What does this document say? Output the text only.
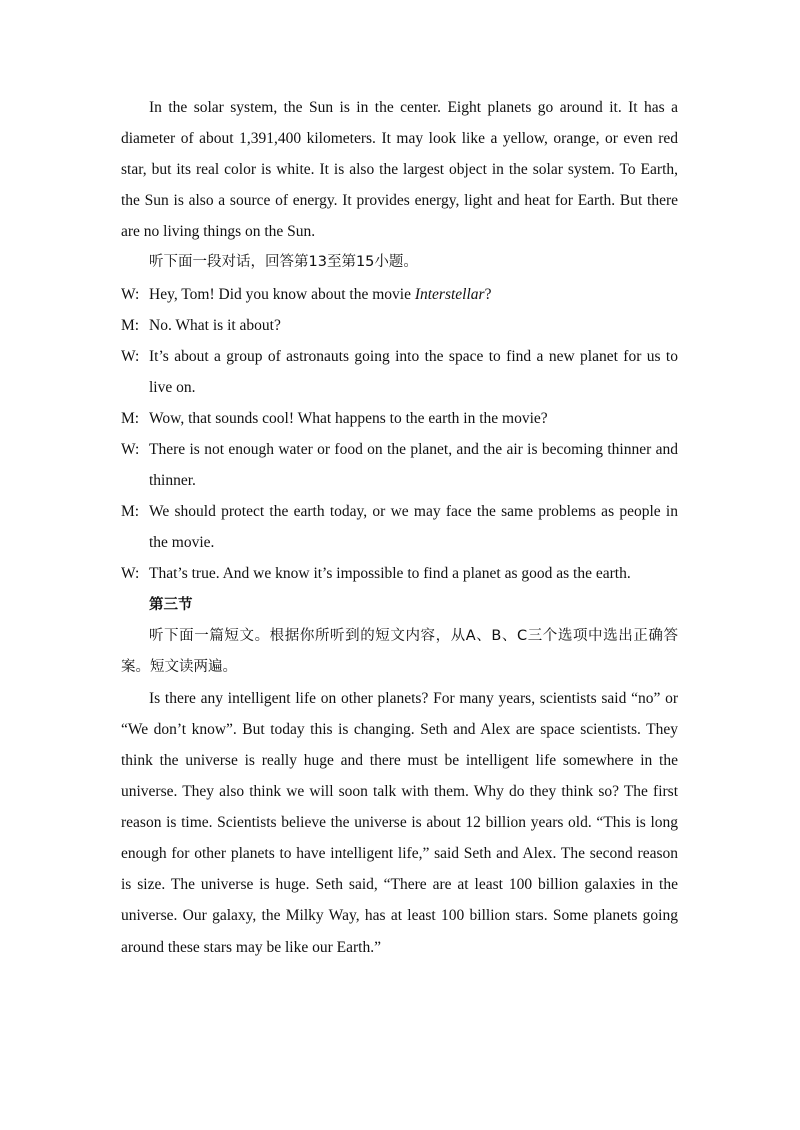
In the solar system, the Sun is in the center. Eight planets go around it. It has a diameter of about 1,391,400 kilometers. It may look like a yellow, orange, or even red star, but its real color is white. It is also the largest object in the solar system. To Earth, the Sun is also a source of energy. It provides energy, light and heat for Earth. But there are no living things on the Sun.

听下面一段对话，回答第13至第15小题。

W: Hey, Tom! Did you know about the movie Interstellar?

M: No. What is it about?

W: It’s about a group of astronauts going into the space to find a new planet for us to live on.

M: Wow, that sounds cool! What happens to the earth in the movie?

W: There is not enough water or food on the planet, and the air is becoming thinner and thinner.

M: We should protect the earth today, or we may face the same problems as people in the movie.

W: That’s true. And we know it’s impossible to find a planet as good as the earth.

第三节

听下面一篇短文。根据你所听到的短文内容，从A、B、C三个选项中选出正确答案。短文读两遍。

Is there any intelligent life on other planets? For many years, scientists said “no” or “We don’t know”. But today this is changing. Seth and Alex are space scientists. They think the universe is really huge and there must be intelligent life somewhere in the universe. They also think we will soon talk with them. Why do they think so? The first reason is time. Scientists believe the universe is about 12 billion years old. “This is long enough for other planets to have intelligent life,” said Seth and Alex. The second reason is size. The universe is huge. Seth said, “There are at least 100 billion galaxies in the universe. Our galaxy, the Milky Way, has at least 100 billion stars. Some planets going around these stars may be like our Earth.”
